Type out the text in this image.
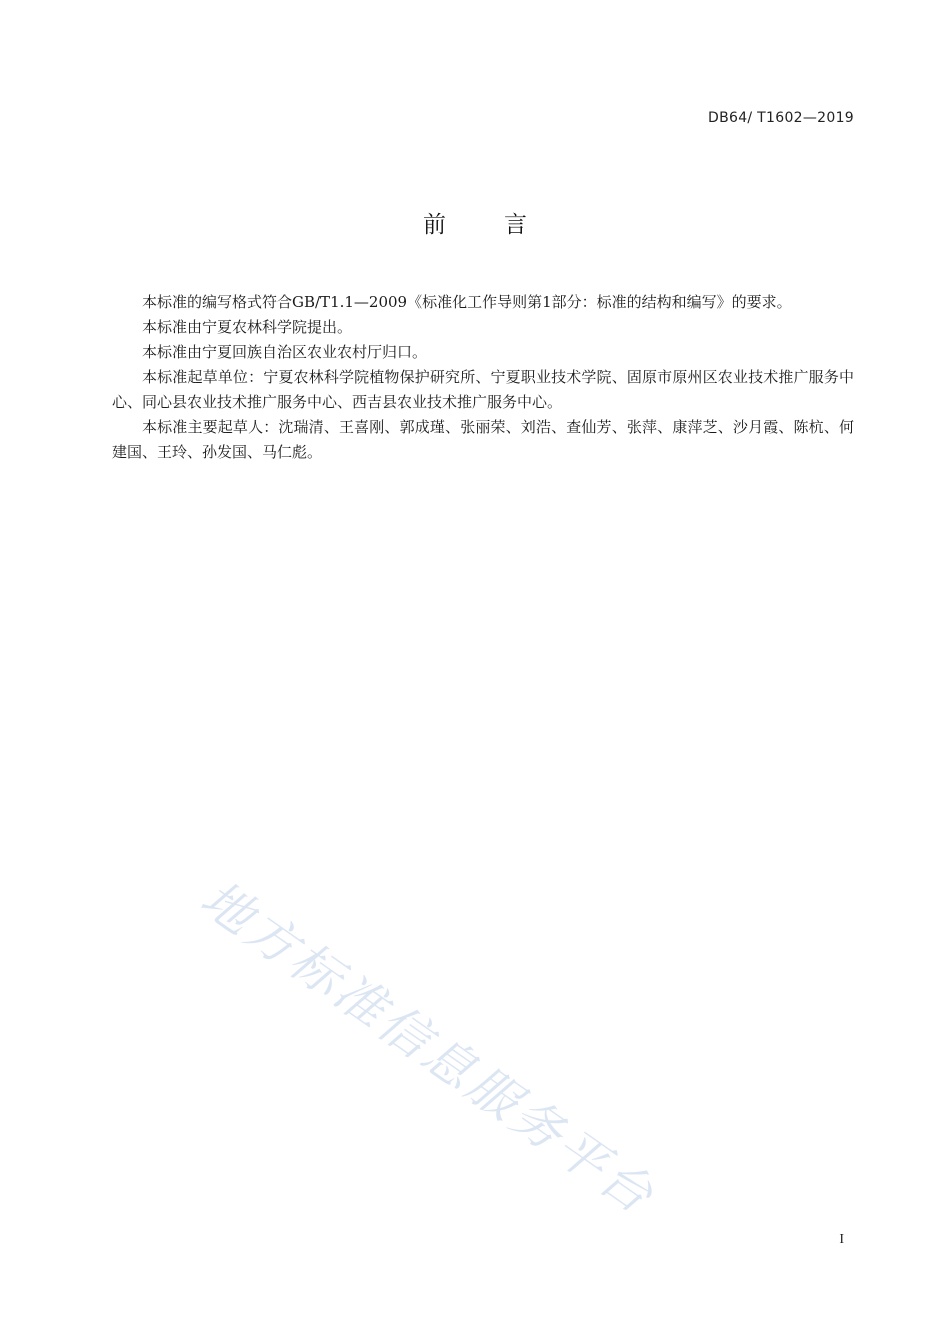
DB64/ T1602—2019
前言

本标准的编写格式符合GB/T1.1—2009《标准化工作导则第1部分：标准的结构和编写》的要求。

本标准由宁夏农林科学院提出。

本标准由宁夏回族自治区农业农村厅归口。

本标准起草单位：宁夏农林科学院植物保护研究所、宁夏职业技术学院、固原市原州区农业技术推广服务中心、同心县农业技术推广服务中心、西吉县农业技术推广服务中心。

本标准主要起草人：沈瑞清、王喜刚、郭成瑾、张丽荣、刘浩、查仙芳、张萍、康萍芝、沙月霞、陈杭、何建国、王玲、孙发国、马仁彪。

地方标准信息服务平台
I
